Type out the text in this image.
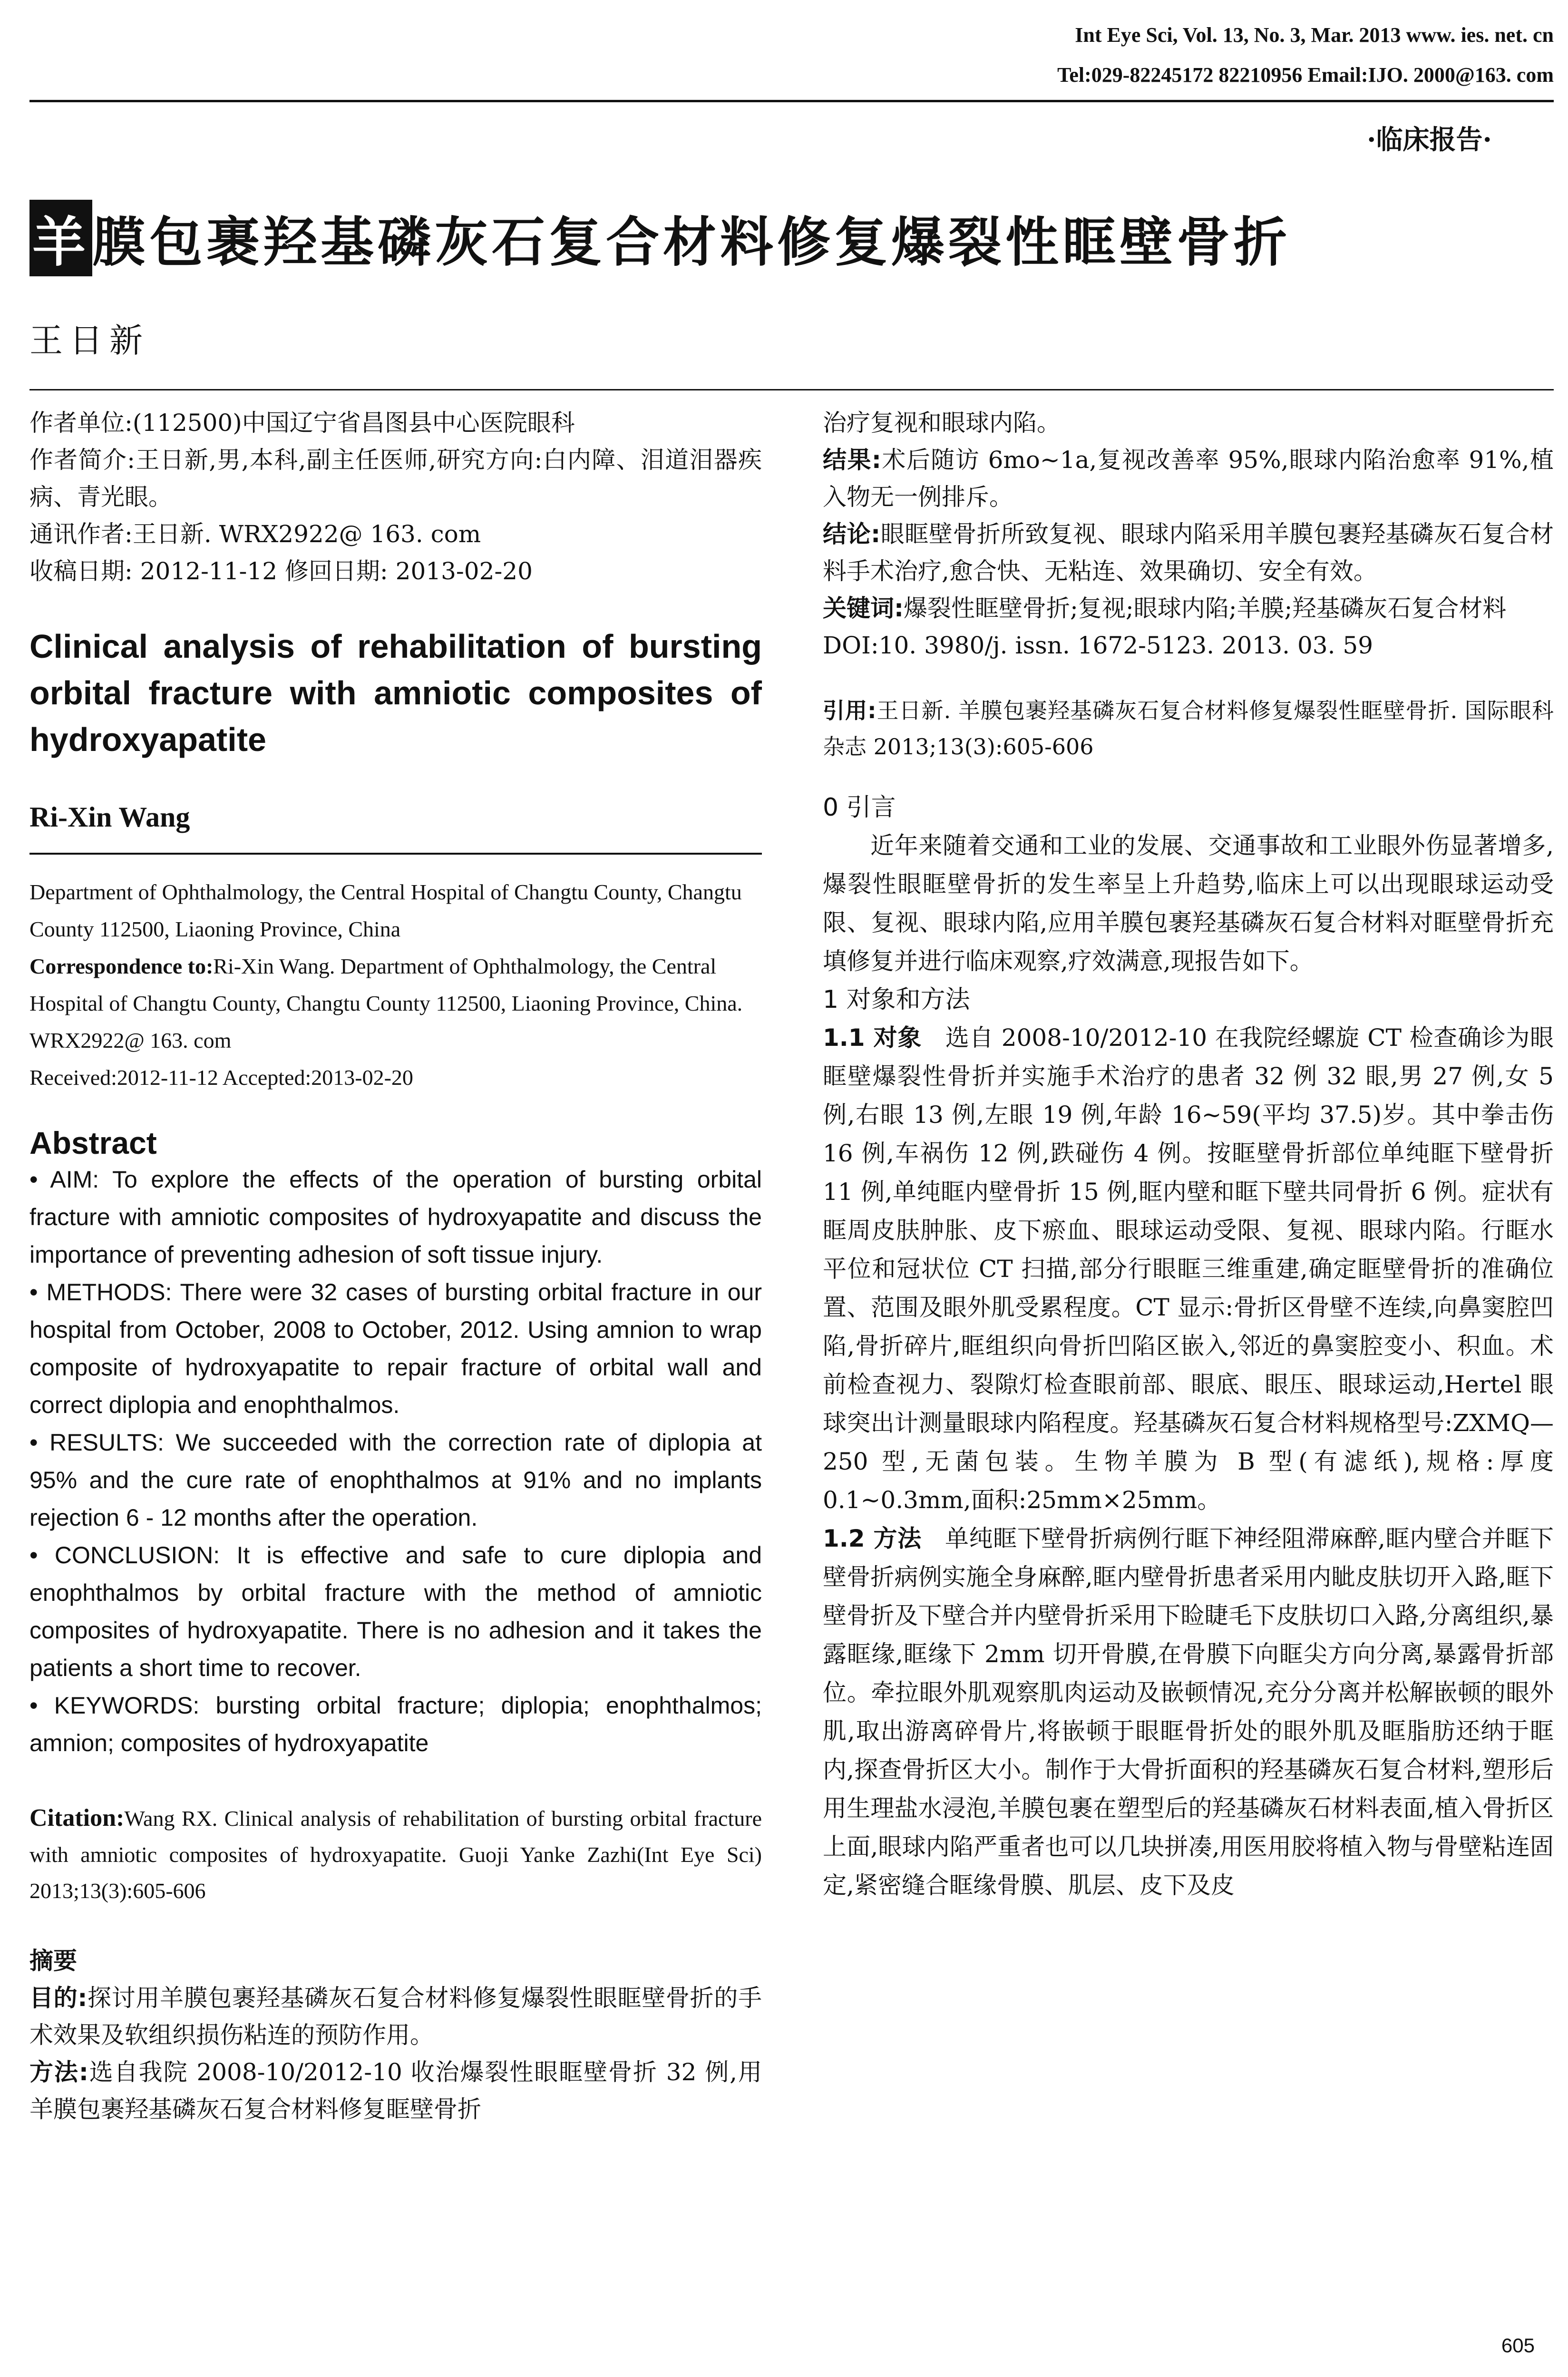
Int Eye Sci, Vol. 13, No. 3, Mar. 2013 www. ies. net. cn
Tel:029-82245172 82210956 Email:IJO. 2000@163. com
·临床报告·
羊膜包裹羟基磷灰石复合材料修复爆裂性眶壁骨折
王日新

作者单位:(112500)中国辽宁省昌图县中心医院眼科

作者简介:王日新,男,本科,副主任医师,研究方向:白内障、泪道泪器疾病、青光眼。

通讯作者:王日新. WRX2922@ 163. com

收稿日期: 2012-11-12 修回日期: 2013-02-20

Clinical analysis of rehabilitation of bursting orbital fracture with amniotic composites of hydroxyapatite

Ri-Xin Wang

Department of Ophthalmology, the Central Hospital of Changtu County, Changtu County 112500, Liaoning Province, China

Correspondence to:Ri-Xin Wang. Department of Ophthalmology, the Central Hospital of Changtu County, Changtu County 112500, Liaoning Province, China. WRX2922@ 163. com

Received:2012-11-12 Accepted:2013-02-20

Abstract

• AIM: To explore the effects of the operation of bursting orbital fracture with amniotic composites of hydroxyapatite and discuss the importance of preventing adhesion of soft tissue injury.

• METHODS: There were 32 cases of bursting orbital fracture in our hospital from October, 2008 to October, 2012. Using amnion to wrap composite of hydroxyapatite to repair fracture of orbital wall and correct diplopia and enophthalmos.

• RESULTS: We succeeded with the correction rate of diplopia at 95% and the cure rate of enophthalmos at 91% and no implants rejection 6 - 12 months after the operation.

• CONCLUSION: It is effective and safe to cure diplopia and enophthalmos by orbital fracture with the method of amniotic composites of hydroxyapatite. There is no adhesion and it takes the patients a short time to recover.

• KEYWORDS: bursting orbital fracture; diplopia; enophthalmos; amnion; composites of hydroxyapatite

Citation:Wang RX. Clinical analysis of rehabilitation of bursting orbital fracture with amniotic composites of hydroxyapatite. Guoji Yanke Zazhi(Int Eye Sci) 2013;13(3):605-606

摘要

目的:探讨用羊膜包裹羟基磷灰石复合材料修复爆裂性眼眶壁骨折的手术效果及软组织损伤粘连的预防作用。

方法:选自我院 2008-10/2012-10 收治爆裂性眼眶壁骨折 32 例,用羊膜包裹羟基磷灰石复合材料修复眶壁骨折

治疗复视和眼球内陷。

结果:术后随访 6mo~1a,复视改善率 95%,眼球内陷治愈率 91%,植入物无一例排斥。

结论:眼眶壁骨折所致复视、眼球内陷采用羊膜包裹羟基磷灰石复合材料手术治疗,愈合快、无粘连、效果确切、安全有效。

关键词:爆裂性眶壁骨折;复视;眼球内陷;羊膜;羟基磷灰石复合材料

DOI:10. 3980/j. issn. 1672-5123. 2013. 03. 59

引用:王日新. 羊膜包裹羟基磷灰石复合材料修复爆裂性眶壁骨折. 国际眼科杂志 2013;13(3):605-606

0 引言

近年来随着交通和工业的发展、交通事故和工业眼外伤显著增多,爆裂性眼眶壁骨折的发生率呈上升趋势,临床上可以出现眼球运动受限、复视、眼球内陷,应用羊膜包裹羟基磷灰石复合材料对眶壁骨折充填修复并进行临床观察,疗效满意,现报告如下。

1 对象和方法

1.1 对象 选自 2008-10/2012-10 在我院经螺旋 CT 检查确诊为眼眶壁爆裂性骨折并实施手术治疗的患者 32 例 32 眼,男 27 例,女 5 例,右眼 13 例,左眼 19 例,年龄 16~59(平均 37.5)岁。其中拳击伤 16 例,车祸伤 12 例,跌碰伤 4 例。按眶壁骨折部位单纯眶下壁骨折 11 例,单纯眶内壁骨折 15 例,眶内壁和眶下壁共同骨折 6 例。症状有眶周皮肤肿胀、皮下瘀血、眼球运动受限、复视、眼球内陷。行眶水平位和冠状位 CT 扫描,部分行眼眶三维重建,确定眶壁骨折的准确位置、范围及眼外肌受累程度。CT 显示:骨折区骨壁不连续,向鼻窦腔凹陷,骨折碎片,眶组织向骨折凹陷区嵌入,邻近的鼻窦腔变小、积血。术前检查视力、裂隙灯检查眼前部、眼底、眼压、眼球运动,Hertel 眼球突出计测量眼球内陷程度。羟基磷灰石复合材料规格型号:ZXMQ—250 型,无菌包装。生物羊膜为 B 型(有滤纸),规格:厚度 0.1~0.3mm,面积:25mm×25mm。

1.2 方法 单纯眶下壁骨折病例行眶下神经阻滞麻醉,眶内壁合并眶下壁骨折病例实施全身麻醉,眶内壁骨折患者采用内眦皮肤切开入路,眶下壁骨折及下壁合并内壁骨折采用下睑睫毛下皮肤切口入路,分离组织,暴露眶缘,眶缘下 2mm 切开骨膜,在骨膜下向眶尖方向分离,暴露骨折部位。牵拉眼外肌观察肌肉运动及嵌顿情况,充分分离并松解嵌顿的眼外肌,取出游离碎骨片,将嵌顿于眼眶骨折处的眼外肌及眶脂肪还纳于眶内,探查骨折区大小。制作于大骨折面积的羟基磷灰石复合材料,塑形后用生理盐水浸泡,羊膜包裹在塑型后的羟基磷灰石材料表面,植入骨折区上面,眼球内陷严重者也可以几块拼凑,用医用胶将植入物与骨壁粘连固定,紧密缝合眶缘骨膜、肌层、皮下及皮

605
